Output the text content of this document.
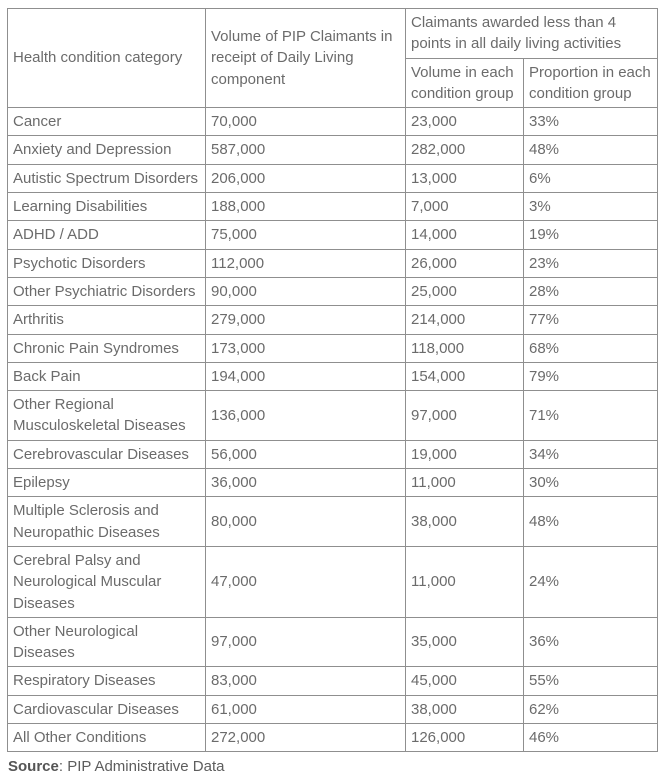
Health condition category	Volume of PIP Claimants in receipt of Daily Living component	Claimants awarded less than 4 points in all daily living activities	
		Volume in each condition group	Proportion in each condition group
Cancer	70,000	23,000	33%
Anxiety and Depression	587,000	282,000	48%
Autistic Spectrum Disorders	206,000	13,000	6%
Learning Disabilities	188,000	7,000	3%
ADHD / ADD	75,000	14,000	19%
Psychotic Disorders	112,000	26,000	23%
Other Psychiatric Disorders	90,000	25,000	28%
Arthritis	279,000	214,000	77%
Chronic Pain Syndromes	173,000	118,000	68%
Back Pain	194,000	154,000	79%
Other Regional Musculoskeletal Diseases	136,000	97,000	71%
Cerebrovascular Diseases	56,000	19,000	34%
Epilepsy	36,000	11,000	30%
Multiple Sclerosis and Neuropathic Diseases	80,000	38,000	48%
Cerebral Palsy and Neurological Muscular Diseases	47,000	11,000	24%
Other Neurological Diseases	97,000	35,000	36%
Respiratory Diseases	83,000	45,000	55%
Cardiovascular Diseases	61,000	38,000	62%
All Other Conditions	272,000	126,000	46%

Source: PIP Administrative Data
